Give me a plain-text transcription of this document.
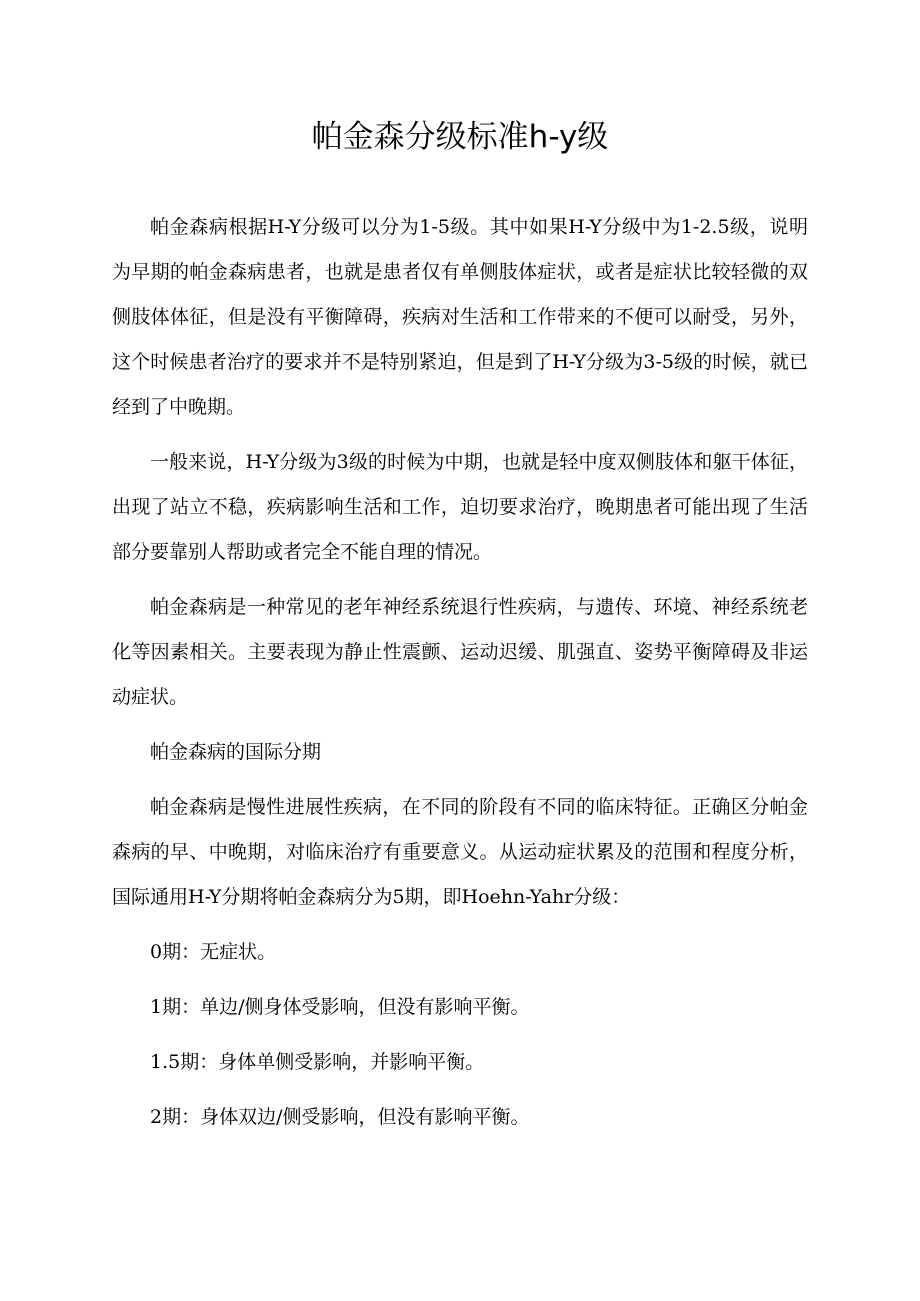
帕金森分级标准h-y级

帕金森病根据H-Y分级可以分为1-5级。其中如果H-Y分级中为1-2.5级，说明为早期的帕金森病患者，也就是患者仅有单侧肢体症状，或者是症状比较轻微的双侧肢体体征，但是没有平衡障碍，疾病对生活和工作带来的不便可以耐受，另外，这个时候患者治疗的要求并不是特别紧迫，但是到了H-Y分级为3-5级的时候，就已经到了中晚期。

一般来说，H-Y分级为3级的时候为中期，也就是轻中度双侧肢体和躯干体征，出现了站立不稳，疾病影响生活和工作，迫切要求治疗，晚期患者可能出现了生活部分要靠别人帮助或者完全不能自理的情况。

帕金森病是一种常见的老年神经系统退行性疾病，与遗传、环境、神经系统老化等因素相关。主要表现为静止性震颤、运动迟缓、肌强直、姿势平衡障碍及非运动症状。

帕金森病的国际分期

帕金森病是慢性进展性疾病，在不同的阶段有不同的临床特征。正确区分帕金森病的早、中晚期，对临床治疗有重要意义。从运动症状累及的范围和程度分析，国际通用H-Y分期将帕金森病分为5期，即Hoehn-Yahr分级：

0期：无症状。

1期：单边/侧身体受影响，但没有影响平衡。

1.5期：身体单侧受影响，并影响平衡。

2期：身体双边/侧受影响，但没有影响平衡。
